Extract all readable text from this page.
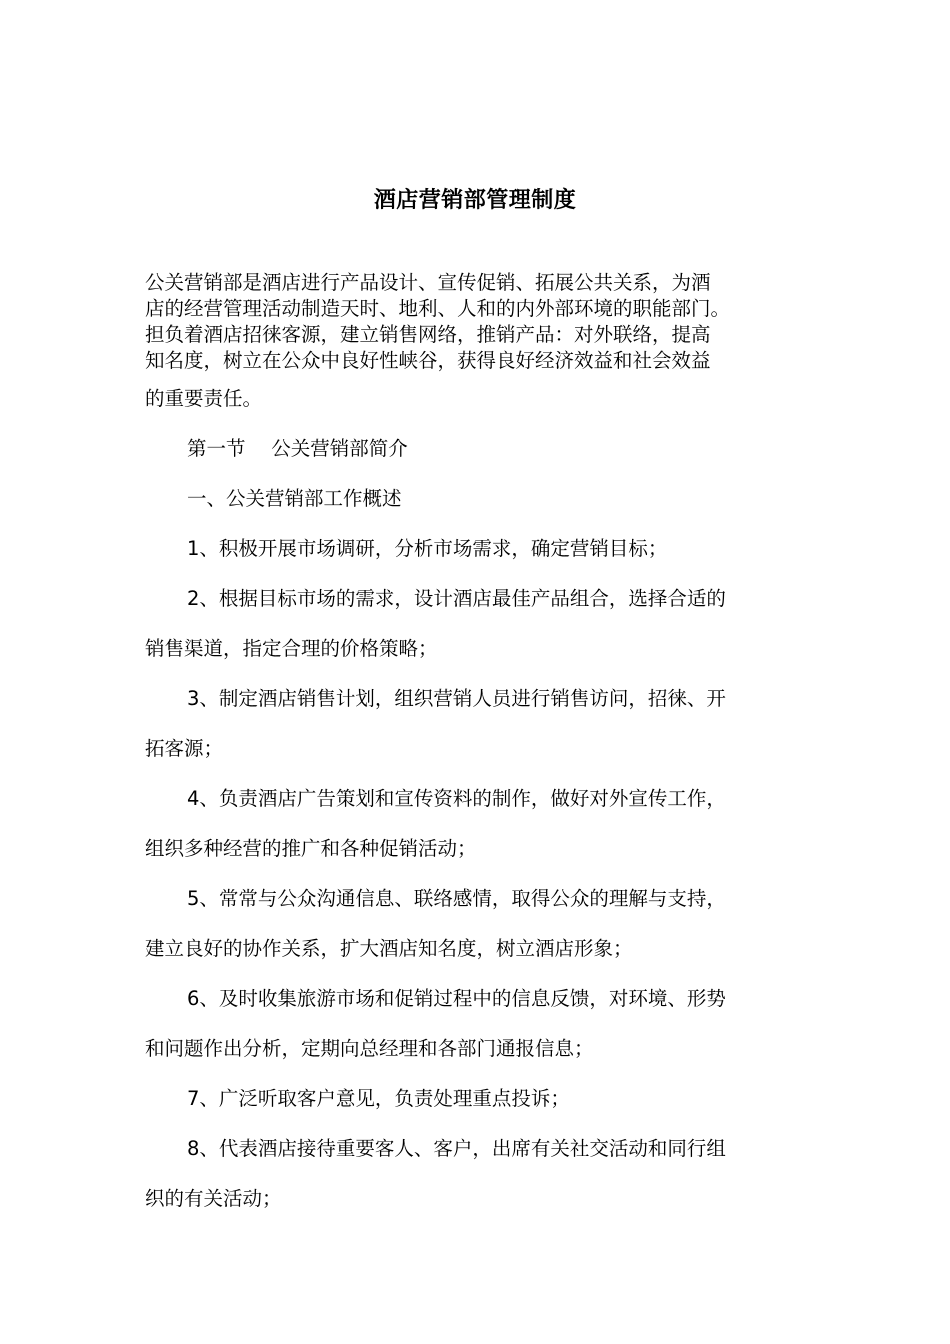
酒店营销部管理制度
公关营销部是酒店进行产品设计、宣传促销、拓展公共关系，为酒
店的经营管理活动制造天时、地利、人和的内外部环境的职能部门。
担负着酒店招徕客源，建立销售网络，推销产品：对外联络，提高
知名度，树立在公众中良好性峡谷，获得良好经济效益和社会效益
的重要责任。
第一节　 公关营销部简介
一、公关营销部工作概述
1、积极开展市场调研，分析市场需求，确定营销目标；
2、根据目标市场的需求，设计酒店最佳产品组合，选择合适的
销售渠道，指定合理的价格策略；
3、制定酒店销售计划，组织营销人员进行销售访问，招徕、开
拓客源；
4、负责酒店广告策划和宣传资料的制作，做好对外宣传工作，
组织多种经营的推广和各种促销活动；
5、常常与公众沟通信息、联络感情，取得公众的理解与支持，
建立良好的协作关系，扩大酒店知名度，树立酒店形象；
6、及时收集旅游市场和促销过程中的信息反馈，对环境、形势
和问题作出分析，定期向总经理和各部门通报信息；
7、广泛听取客户意见，负责处理重点投诉；
8、代表酒店接待重要客人、客户，出席有关社交活动和同行组
织的有关活动；
